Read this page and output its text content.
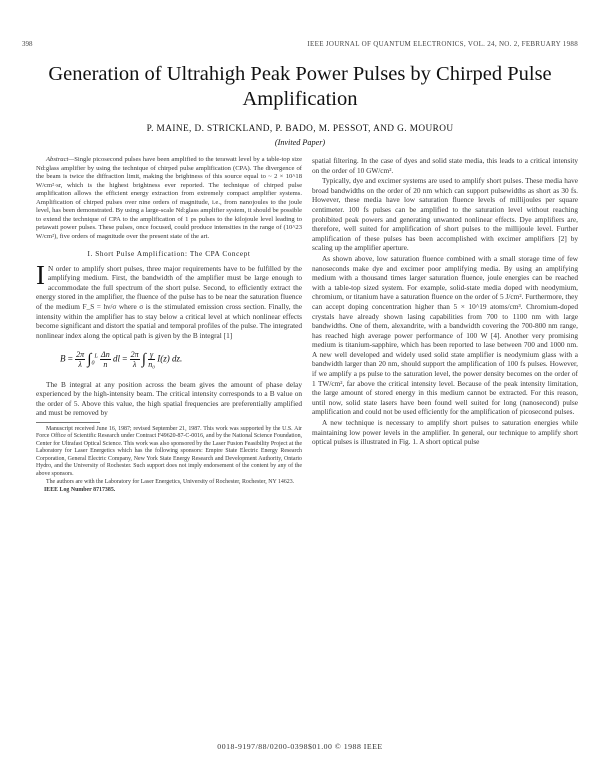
398	IEEE JOURNAL OF QUANTUM ELECTRONICS, VOL. 24, NO. 2, FEBRUARY 1988
Generation of Ultrahigh Peak Power Pulses by Chirped Pulse Amplification
P. MAINE, D. STRICKLAND, P. BADO, M. PESSOT, AND G. MOUROU
(Invited Paper)

Abstract—Single picosecond pulses have been amplified to the terawatt level by a table-top size Nd:glass amplifier by using the technique of chirped pulse amplification (CPA). The divergence of the beam is twice the diffraction limit, making the brightness of this source equal to ~ 2 × 10^18 W/cm²·sr, which is the highest brightness ever reported. The technique of chirped pulse amplification allows the efficient energy extraction from extremely compact amplifier systems. Amplification of chirped pulses over nine orders of magnitude, i.e., from nanojoules to the joule level, has been demonstrated. By using a large-scale Nd:glass amplifier system, it should be possible to extend the technique of CPA to the amplification of 1 ps pulses to the kilojoule level leading to petawatt power pulses. These pulses, once focused, could produce intensities in the range of (10^23 W/cm²), five orders of magnitude over the present state of the art.

I. Short Pulse Amplification: The CPA Concept

I N order to amplify short pulses, three major requirements have to be fulfilled by the amplifying medium. First, the bandwidth of the amplifier must be large enough to accommodate the full spectrum of the short pulse. Second, to efficiently extract the energy stored in the amplifier, the fluence of the pulse has to be near the saturation fluence of the medium F_S = hν/σ where σ is the stimulated emission cross section. Finally, the intensity within the amplifier has to stay below a critical level at which nonlinear effects become significant and distort the spatial and temporal profiles of the pulse. The integrated nonlinear index along the optical path is given by the B integral [1]

$B = \frac{2\pi}{\lambda} \int_0^L \frac{\Delta n}{n}$ dl = $\frac{2\pi}{\lambda}$ ∫ $\frac{\gamma}{\text{n₀}} I(z)$ dz.

The B integral at any position across the beam gives the amount of phase delay experienced by the high-intensity beam. The critical intensity corresponds to a B value on the order of 5. Above this value, the high spatial frequencies are preferentially amplified and must be removed by

Manuscript received June 16, 1987; revised September 21, 1987. This work was supported by the U.S. Air Force Office of Scientific Research under Contract F49620-87-C-0016, and by the National Science Foundation, Center for Ultrafast Optical Science. This work was also sponsored by the Laser Fusion Feasibility Project at the Laboratory for Laser Energetics which has the following sponsors: Empire State Electric Energy Research Corporation, General Electric Company, New York State Energy Research and Development Authority, Ontario Hydro, and the University of Rochester. Such support does not imply endorsement of the content by any of the above sponsors.

The authors are with the Laboratory for Laser Energetics, University of Rochester, Rochester, NY 14623.

IEEE Log Number 8717385.

spatial filtering. In the case of dyes and solid state media, this leads to a critical intensity on the order of 10 GW/cm².

Typically, dye and excimer systems are used to amplify short pulses. These media have broad bandwidths on the order of 20 nm which can support pulsewidths as short as 30 fs. However, these media have low saturation fluence levels of millijoules per square centimeter. 100 fs pulses can be amplified to the saturation level without reaching prohibited peak powers and generating unwanted nonlinear effects. Dye amplifiers are, therefore, well suited for amplification of short pulses to the millijoule level. Further amplification of these pulses has been accomplished with excimer amplifiers [2] by scaling up the amplifier aperture.

As shown above, low saturation fluence combined with a small storage time of few nanoseconds make dye and excimer poor amplifying media. By using an amplifying medium with a thousand times larger saturation fluence, joule energies can be reached with a table-top sized system. For example, solid-state media doped with neodymium, chromium, or titanium have a saturation fluence on the order of 5 J/cm². Furthermore, they can accept doping concentration higher than 5 × 10^19 atoms/cm³. Chromium-doped crystals have already shown lasing capabilities from 700 to 1100 nm with large bandwidths. One of them, alexandrite, with a bandwidth covering the 700-800 nm range, has reached high average power performance of 100 W [4]. Another very promising medium is titanium-sapphire, which has been reported to lase between 700 and 1000 nm. A new well developed and widely used solid state amplifier is neodymium glass with a bandwidth larger than 20 nm, should support the amplification of 100 fs pulses. However, if we amplify a ps pulse to the saturation level, the power density becomes on the order of 1 TW/cm², far above the critical intensity level. Because of the peak intensity limitation, the large amount of stored energy in this medium cannot be extracted. For this reason, until now, solid state lasers have been found well suited for long (nanosecond) pulse amplification and could not be used efficiently for the amplification of picosecond pulses.

A new technique is necessary to amplify short pulses to saturation energies while maintaining low power levels in the amplifier. In general, our technique to amplify short optical pulses is illustrated in Fig. 1. A short optical pulse

0018-9197/88/0200-0398$01.00 © 1988 IEEE
